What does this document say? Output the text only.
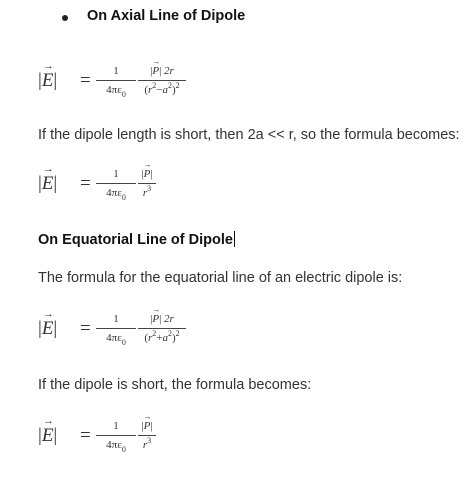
On Axial Line of Dipole
|
→
E| =	1
$4\pi\varepsilon_0$
|
→
P| 2r
$(r^2-a^2)^2$
If the dipole length is short, then 2a << r, so the formula becomes:
|
→
E| =	1
$4\pi\varepsilon_0$
|
→
P|
$r^3$
On Equatorial Line of Dipole
The formula for the equatorial line of an electric dipole is:
|
→
E| =	1
$4\pi\varepsilon_0$
|
→
P| 2r
$(r^2+a^2)^2$
If the dipole is short, the formula becomes:
|
→
E| =	1
$4\pi\varepsilon_0$
|
→
P|
$r^3$
